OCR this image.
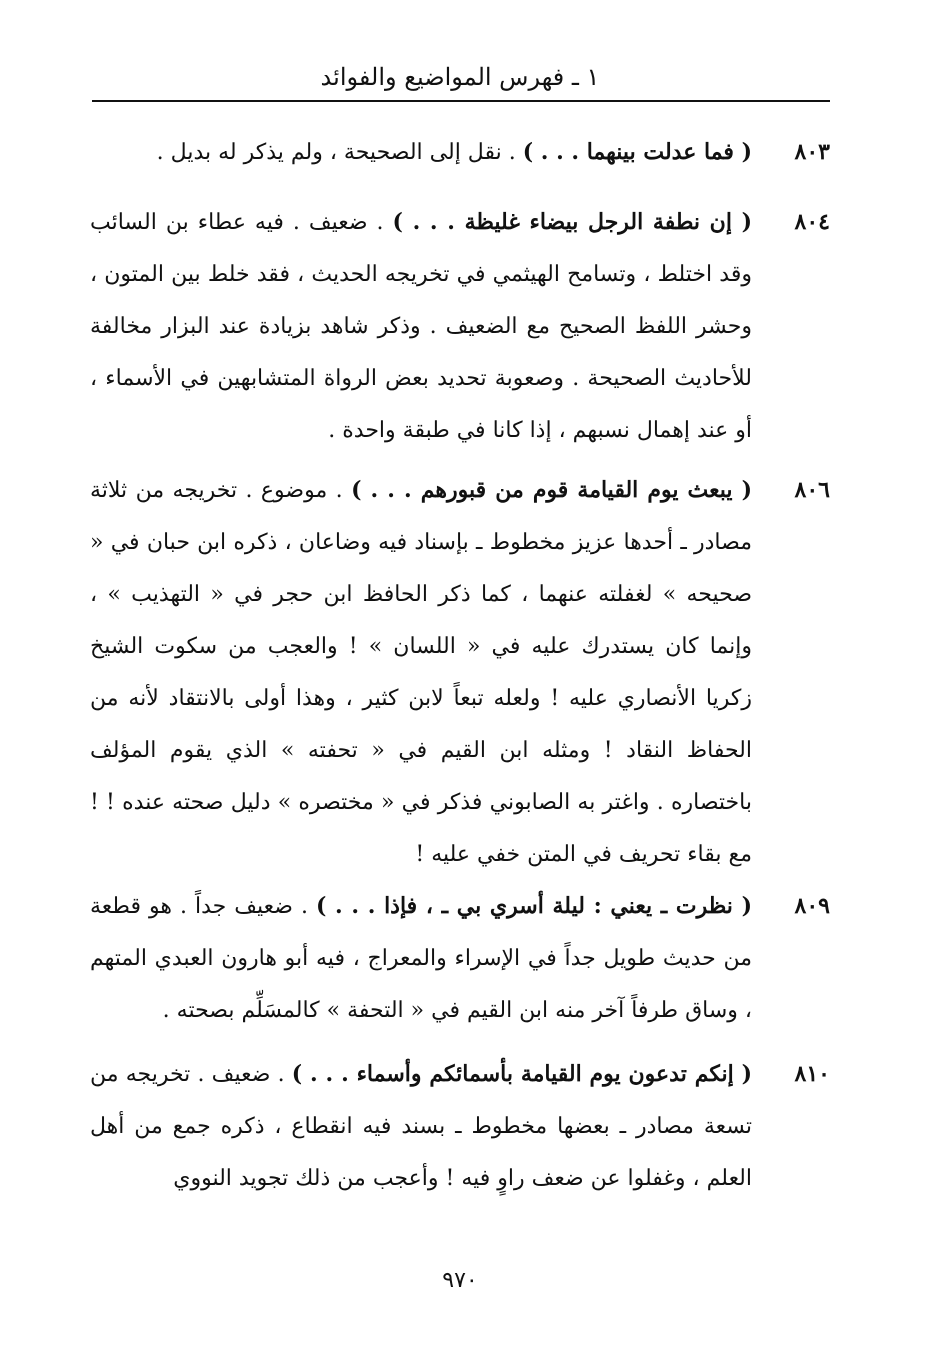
١ ـ فهرس المواضيع والفوائد
٨٠٣
( فما عدلت بينهما . . . ) . نقل إلى الصحيحة ، ولم يذكر له بديل .
٨٠٤
( إن نطفة الرجل بيضاء غليظة . . . ) . ضعيف . فيه عطاء بن السائب وقد اختلط ، وتسامح الهيثمي في تخريجه الحديث ، فقد خلط بين المتون ، وحشر اللفظ الصحيح مع الضعيف . وذكر شاهد بزيادة عند البزار مخالفة للأحاديث الصحيحة . وصعوبة تحديد بعض الرواة المتشابهين في الأسماء ، أو عند إهمال نسبهم ، إذا كانا في طبقة واحدة .
٨٠٦
( يبعث يوم القيامة قوم من قبورهم . . . ) . موضوع . تخريجه من ثلاثة مصادر ـ أحدها عزيز مخطوط ـ بإسناد فيه وضاعان ، ذكره ابن حبان في « صحيحه » لغفلته عنهما ، كما ذكر الحافظ ابن حجر في « التهذيب » ، وإنما كان يستدرك عليه في « اللسان » ! والعجب من سكوت الشيخ زكريا الأنصاري عليه ! ولعله تبعاً لابن كثير ، وهذا أولى بالانتقاد لأنه من الحفاظ النقاد ! ومثله ابن القيم في « تحفته » الذي يقوم المؤلف باختصاره . واغتر به الصابوني فذكر في « مختصره » دليل صحته عنده ! ! مع بقاء تحريف في المتن خفي عليه !
٨٠٩
( نظرت ـ يعني : ليلة أسري بي ـ ، فإذا . . . ) . ضعيف جداً . هو قطعة من حديث طويل جداً في الإسراء والمعراج ، فيه أبو هارون العبدي المتهم ، وساق طرفاً آخر منه ابن القيم في « التحفة » كالمسَلِّم بصحته .
٨١٠
( إنكم تدعون يوم القيامة بأسمائكم وأسماء . . . ) . ضعيف . تخريجه من تسعة مصادر ـ بعضها مخطوط ـ بسند فيه انقطاع ، ذكره جمع من أهل العلم ، وغفلوا عن ضعف راوٍ فيه ! وأعجب من ذلك تجويد النووي
٩٧٠
